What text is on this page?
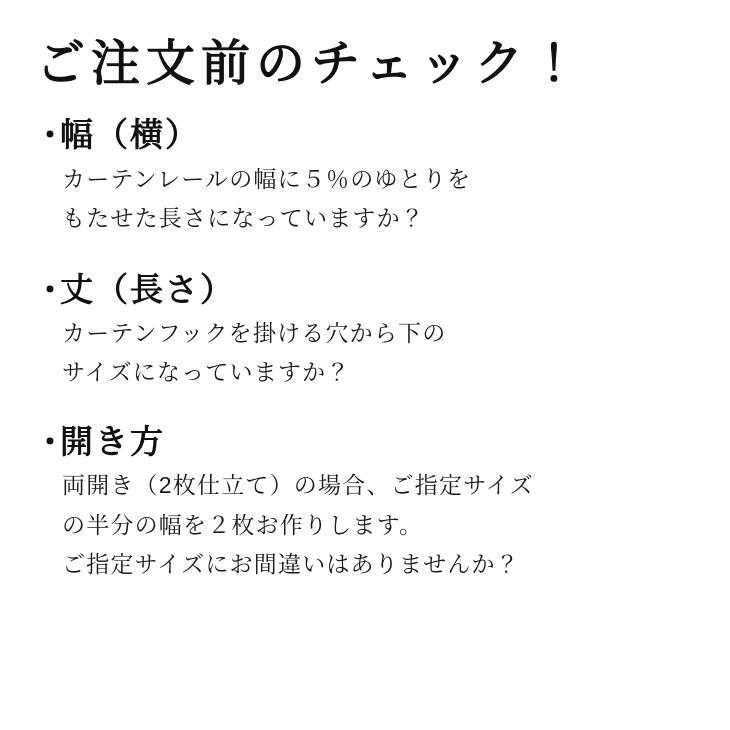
ご注文前のチェック！
・
幅（横）
カーテンレールの幅に５％のゆとりを
もたせた長さになっていますか？
・
丈（長さ）
カーテンフックを掛ける穴から下の
サイズになっていますか？
・
開き方
両開き（2枚仕立て）の場合、ご指定サイズ
の半分の幅を２枚お作りします。
ご指定サイズにお間違いはありませんか？
